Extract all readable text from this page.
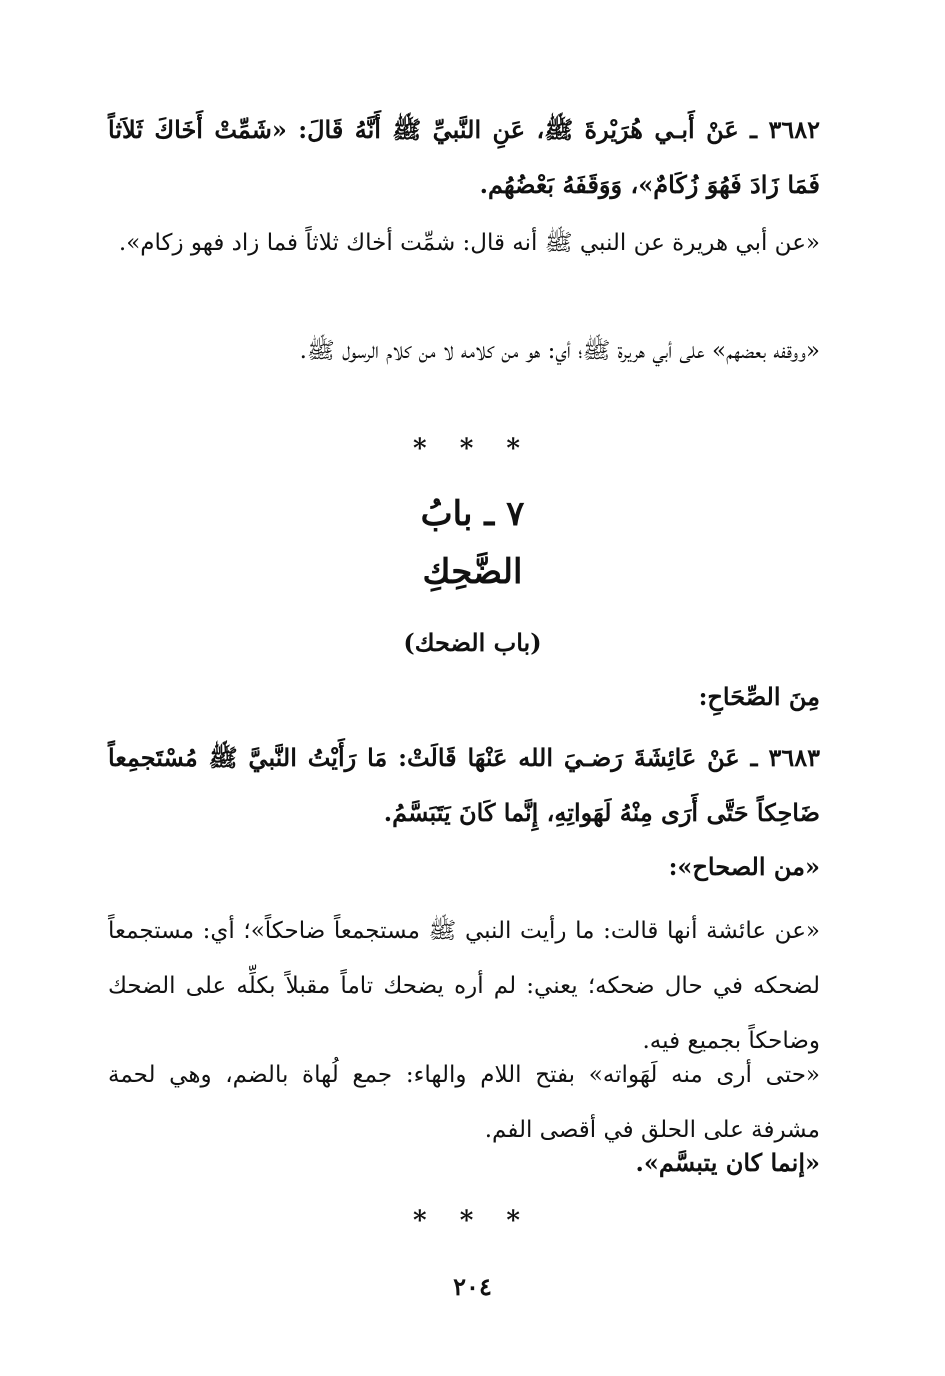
٣٦٨٢ ـ عَنْ أَبـي هُرَيْرةَ ﷺ، عَنِ النَّبيِّ ﷺ أَنَّهُ قَالَ: «شَمِّتْ أَخَاكَ ثَلاَثاً فَمَا زَادَ فَهُوَ زُكَامٌ»، وَوَقَفَهُ بَعْضُهُم.

«عن أبي هريرة عن النبي ﷺ أنه قال: شمِّت أخاك ثلاثاً فما زاد فهو زكام».

«ووقفه بعضهم» على أبي هريرة ﷺ؛ أي: هو من كلامه لا من كلام الرسول ﷺ.

* * *

٧ ـ بابُ

الضَّحِكِ

(باب الضحك)

مِنَ الصِّحَاحِ:

٣٦٨٣ ـ عَنْ عَائِشَةَ رَضـيَ الله عَنْهَا قَالَتْ: مَا رَأَيْتُ النَّبيَّ ﷺ مُسْتَجمِعاً ضَاحِكاً حَتَّى أَرَى مِنْهُ لَهَواتِهِ، إِنَّما كَانَ يَتَبَسَّمُ.

«من الصحاح»:

«عن عائشة أنها قالت: ما رأيت النبي ﷺ مستجمعاً ضاحكاً»؛ أي: مستجمعاً لضحكه في حال ضحكه؛ يعني: لم أره يضحك تاماً مقبلاً بكلِّه على الضحك وضاحكاً بجميع فيه.

«حتى أرى منه لَهَواته» بفتح اللام والهاء: جمع لُهاة بالضم، وهي لحمة مشرفة على الحلق في أقصى الفم.

«إنما كان يتبسَّم».

* * *

٢٠٤
